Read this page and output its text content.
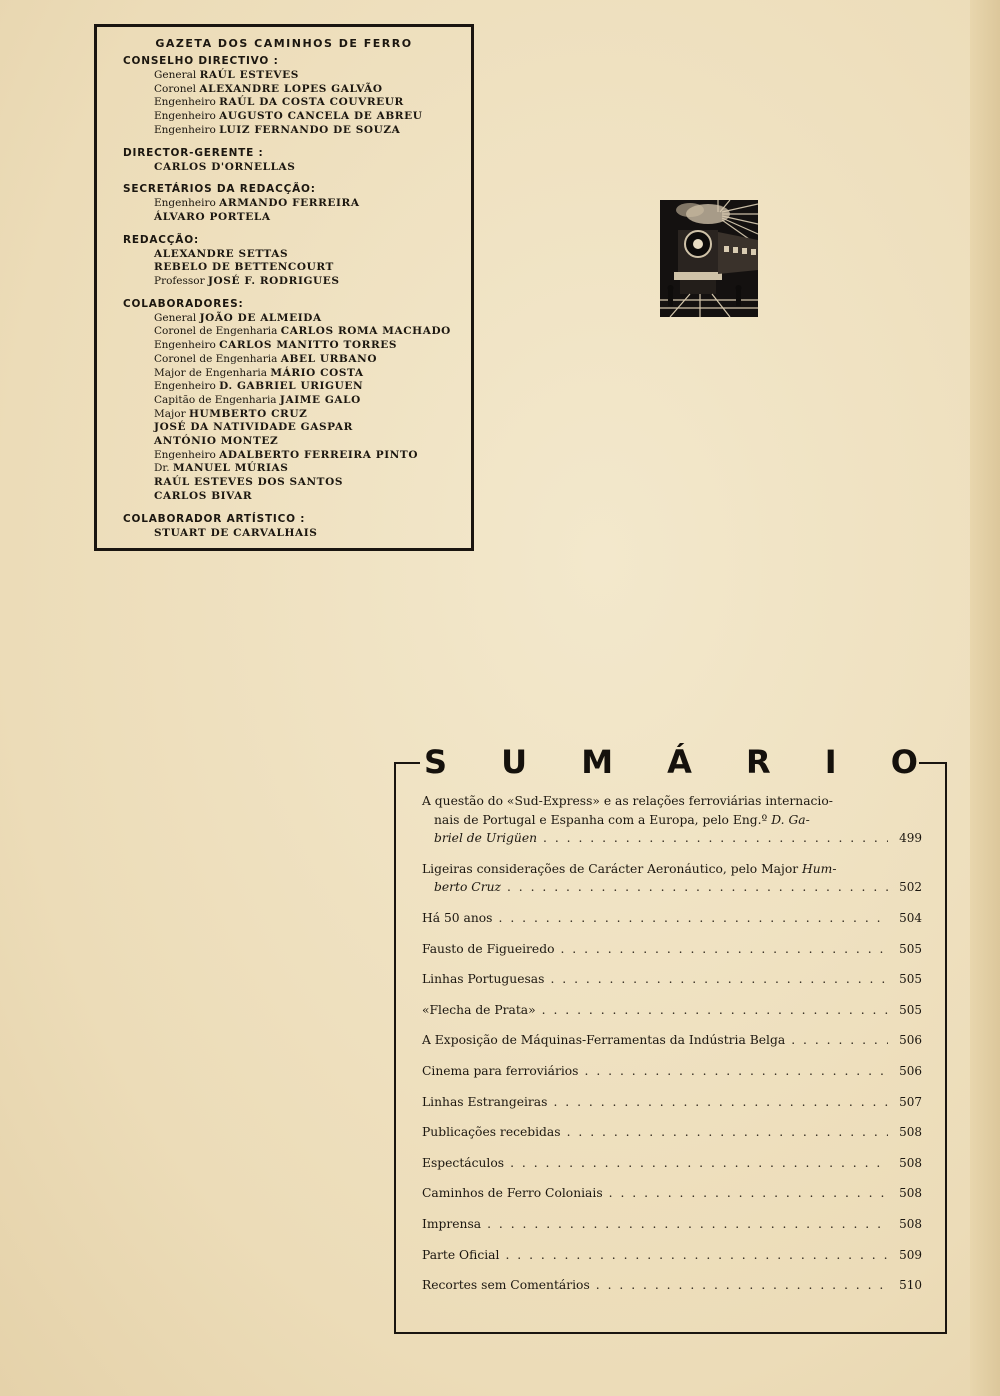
GAZETA DOS CAMINHOS DE FERRO
CONSELHO DIRECTIVO :
General RAÚL ESTEVES
Coronel ALEXANDRE LOPES GALVÃO
Engenheiro RAÚL DA COSTA COUVREUR
Engenheiro AUGUSTO CANCELA DE ABREU
Engenheiro LUIZ FERNANDO DE SOUZA
DIRECTOR-GERENTE :
CARLOS D'ORNELLAS
SECRETÁRIOS DA REDACÇÃO:
Engenheiro ARMANDO FERREIRA
ÁLVARO PORTELA
REDACÇÃO:
ALEXANDRE SETTAS
REBELO DE BETTENCOURT
Professor JOSÉ F. RODRIGUES
COLABORADORES:
General JOÃO DE ALMEIDA
Coronel de Engenharia CARLOS ROMA MACHADO
Engenheiro CARLOS MANITTO TORRES
Coronel de Engenharia ABEL URBANO
Major de Engenharia MÁRIO COSTA
Engenheiro D. GABRIEL URIGUEN
Capitão de Engenharia JAIME GALO
Major HUMBERTO CRUZ
JOSÉ DA NATIVIDADE GASPAR
ANTÓNIO MONTEZ
Engenheiro ADALBERTO FERREIRA PINTO
Dr. MANUEL MÚRIAS
RAÚL ESTEVES DOS SANTOS
CARLOS BIVAR
COLABORADOR ARTÍSTICO :
STUART DE CARVALHAIS
S U M Á R I O
A questão do «Sud-Express» e as relações ferroviárias internacio-
nais de Portugal e Espanha com a Europa, pelo Eng.º D. Ga-
briel de Urigüen . . .	499
Ligeiras considerações de Carácter Aeronáutico, pelo Major Hum-
berto Cruz . . .	502
Há 50 anos . . .	504
Fausto de Figueiredo . . .	505
Linhas Portuguesas . . .	505
«Flecha de Prata» . . .	505
A Exposição de Máquinas-Ferramentas da Indústria Belga . . .	506
Cinema para ferroviários . . .	506
Linhas Estrangeiras . . .	507
Publicações recebidas . . .	508
Espectáculos . . .	508
Caminhos de Ferro Coloniais . . .	508
Imprensa . . .	508
Parte Oficial . . .	509
Recortes sem Comentários . . .	510
